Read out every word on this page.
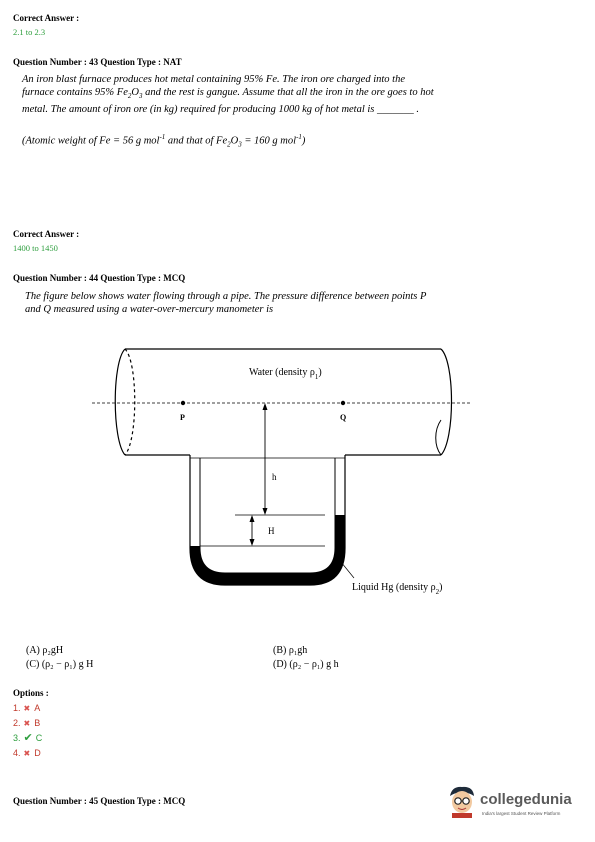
Correct Answer :
2.1 to 2.3
Question Number : 43 Question Type : NAT
An iron blast furnace produces hot metal containing 95% Fe. The iron ore charged into the
furnace contains 95% $Fe_2O_3$ and the rest is gangue. Assume that all the iron in the ore goes to hot
metal. The amount of iron ore (in kg) required for producing 1000 kg of hot metal is _______ .
(Atomic weight of Fe = 56 g mol$^{-1}$ and that of $Fe_2O_3 = 160$ g mol$^{-1}$)
Correct Answer :
1400 to 1450
Question Number : 44 Question Type : MCQ
The figure below shows water flowing through a pipe. The pressure difference between points P
and Q measured using a water-over-mercury manometer is
P	Q
Water (density $\rho_1$)
h
H
Liquid Hg (density $\rho_2$)
(A) ρ₂gH
(C) (ρ₂ − ρ₁) g H
(B) ρ₁gh
(D) (ρ₂ − ρ₁) g h
Options :
1. ✖ A
2. ✖ B
3. ✔ C
4. ✖ D
Question Number : 45 Question Type : MCQ	collegedunia
India's largest Student Review Platform
